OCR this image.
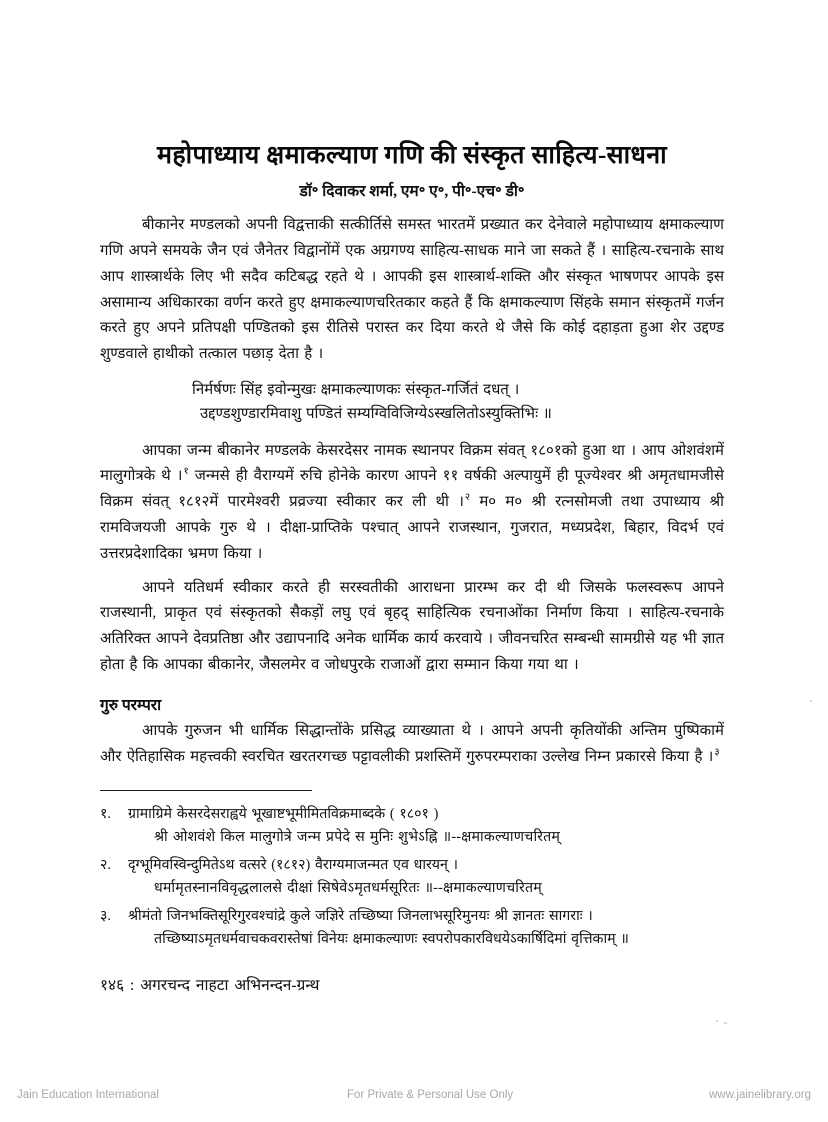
महोपाध्याय क्षमाकल्याण गणि की संस्कृत साहित्य-साधना
डॉ॰ दिवाकर शर्मा, एम॰ ए॰, पी॰-एच॰ डी॰

बीकानेर मण्डलको अपनी विद्वत्ताकी सत्कीर्तिसे समस्त भारतमें प्रख्यात कर देनेवाले महोपाध्याय क्षमाकल्याण गणि अपने समयके जैन एवं जैनेतर विद्वानोंमें एक अग्रगण्य साहित्य-साधक माने जा सकते हैं । साहित्य-रचनाके साथ आप शास्त्रार्थके लिए भी सदैव कटिबद्ध रहते थे । आपकी इस शास्त्रार्थ-शक्ति और संस्कृत भाषणपर आपके इस असामान्य अधिकारका वर्णन करते हुए क्षमाकल्याणचरितकार कहते हैं कि क्षमाकल्याण सिंहके समान संस्कृतमें गर्जन करते हुए अपने प्रतिपक्षी पण्डितको इस रीतिसे परास्त कर दिया करते थे जैसे कि कोई दहाड़ता हुआ शेर उद्दण्ड शुण्डवाले हाथीको तत्काल पछाड़ देता है ।

निर्मर्षणः सिंह इवोन्मुखः क्षमाकल्याणकः संस्कृत-गर्जितं दधत् ।
उद्दण्डशुण्डारमिवाशु पण्डितं सम्यग्विविजिग्येऽस्खलितोऽस्युक्तिभिः ॥

आपका जन्म बीकानेर मण्डलके केसरदेसर नामक स्थानपर विक्रम संवत् १८०१को हुआ था । आप ओशवंशमें मालुगोत्रके थे ।$^१$ जन्मसे ही वैराग्यमें रुचि होनेके कारण आपने ११ वर्षकी अल्पायुमें ही पूज्येश्वर श्री अमृतधामजीसे विक्रम संवत् १८१२में पारमेश्वरी प्रव्रज्या स्वीकार कर ली थी ।$^२$ म० म० श्री रत्नसोमजी तथा उपाध्याय श्री रामविजयजी आपके गुरु थे । दीक्षा-प्राप्तिके पश्चात् आपने राजस्थान, गुजरात, मध्यप्रदेश, बिहार, विदर्भ एवं उत्तरप्रदेशादिका भ्रमण किया ।

आपने यतिधर्म स्वीकार करते ही सरस्वतीकी आराधना प्रारम्भ कर दी थी जिसके फलस्वरूप आपने राजस्थानी, प्राकृत एवं संस्कृतको सैकड़ों लघु एवं बृहद् साहित्यिक रचनाओंका निर्माण किया । साहित्य-रचनाके अतिरिक्त आपने देवप्रतिष्ठा और उद्यापनादि अनेक धार्मिक कार्य करवाये । जीवनचरित सम्बन्धी सामग्रीसे यह भी ज्ञात होता है कि आपका बीकानेर, जैसलमेर व जोधपुरके राजाओं द्वारा सम्मान किया गया था ।

गुरु परम्परा

आपके गुरुजन भी धार्मिक सिद्धान्तोंके प्रसिद्ध व्याख्याता थे । आपने अपनी कृतियोंकी अन्तिम पुष्पिकामें और ऐतिहासिक महत्त्वकी स्वरचित खरतरगच्छ पट्टावलीकी प्रशस्तिमें गुरुपरम्पराका उल्लेख निम्न प्रकारसे किया है ।$^३$

१.	ग्रामाग्रिमे केसरदेसराह्वये भूखाष्टभूमीमितविक्रमाब्दके ( १८०१ )
श्री ओशवंशे किल मालुगोत्रे जन्म प्रपेदे स मुनिः शुभेऽह्नि ॥--क्षमाकल्याणचरितम्
२.	दृग्भूमिवस्विन्दुमितेऽथ वत्सरे (१८१२) वैराग्यमाजन्मत एव धारयन् ।
धर्मामृतस्नानविवृद्धलालसे दीक्षां सिषेवेऽमृतधर्मसूरितः ॥--क्षमाकल्याणचरितम्
३.	श्रीमंतो जिनभक्तिसूरिगुरवश्चांद्रे कुले जज्ञिरे तच्छिष्या जिनलाभसूरिमुनयः श्री ज्ञानतः सागराः ।
तच्छिष्याऽमृतधर्मवाचकवरास्तेषां विनेयः क्षमाकल्याणः स्वपरोपकारविधयेऽकार्षिदिमां वृत्तिकाम् ॥
१४६ : अगरचन्द नाहटा अभिनन्दन-ग्रन्थ
Jain Education International	For Private & Personal Use Only	www.jainelibrary.org
